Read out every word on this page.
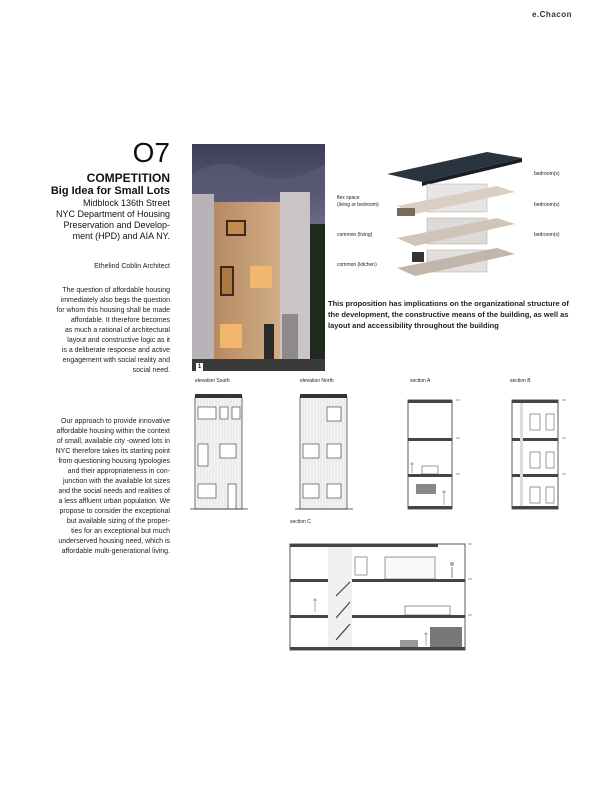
e.Chacon
O7
COMPETITION
Big Idea for Small Lots
Midblock 136th Street
NYC Department of Housing
Preservation and Develop-
ment (HPD) and AIA NY.
Ethelind Coblin Architect
The question of affordable housing
immediately also begs the question
for whom this housing shall be made
affordable. It therefore becomes
as much a rational of architectural
layout and constructive logic as it
is a deliberate response and active
engagement with social reality and
social need.
Our approach to provide innovative
affordable housing within the context
of small, available city -owned lots in
NYC therefore takes its starting point
from questioning housing typologies
and their appropriateness in con-
junction with the available lot sizes
and the social needs and realities of
a less affluent urban population. We
propose to consider the exceptional
but available sizing of the proper-
ties for an exceptional but much
underserved housing need, which is
affordable multi-generational living.
1
flex space
(living or bedroom)
common (living)
common (kitchen)
bedroom(s)
bedroom(s)
bedroom(s)
This proposition has implications on the organizational structure of the development, the constructive means of the building, as well as layout and accessibility throughout the building
elevation South	elevation North	section A	section B
section C
